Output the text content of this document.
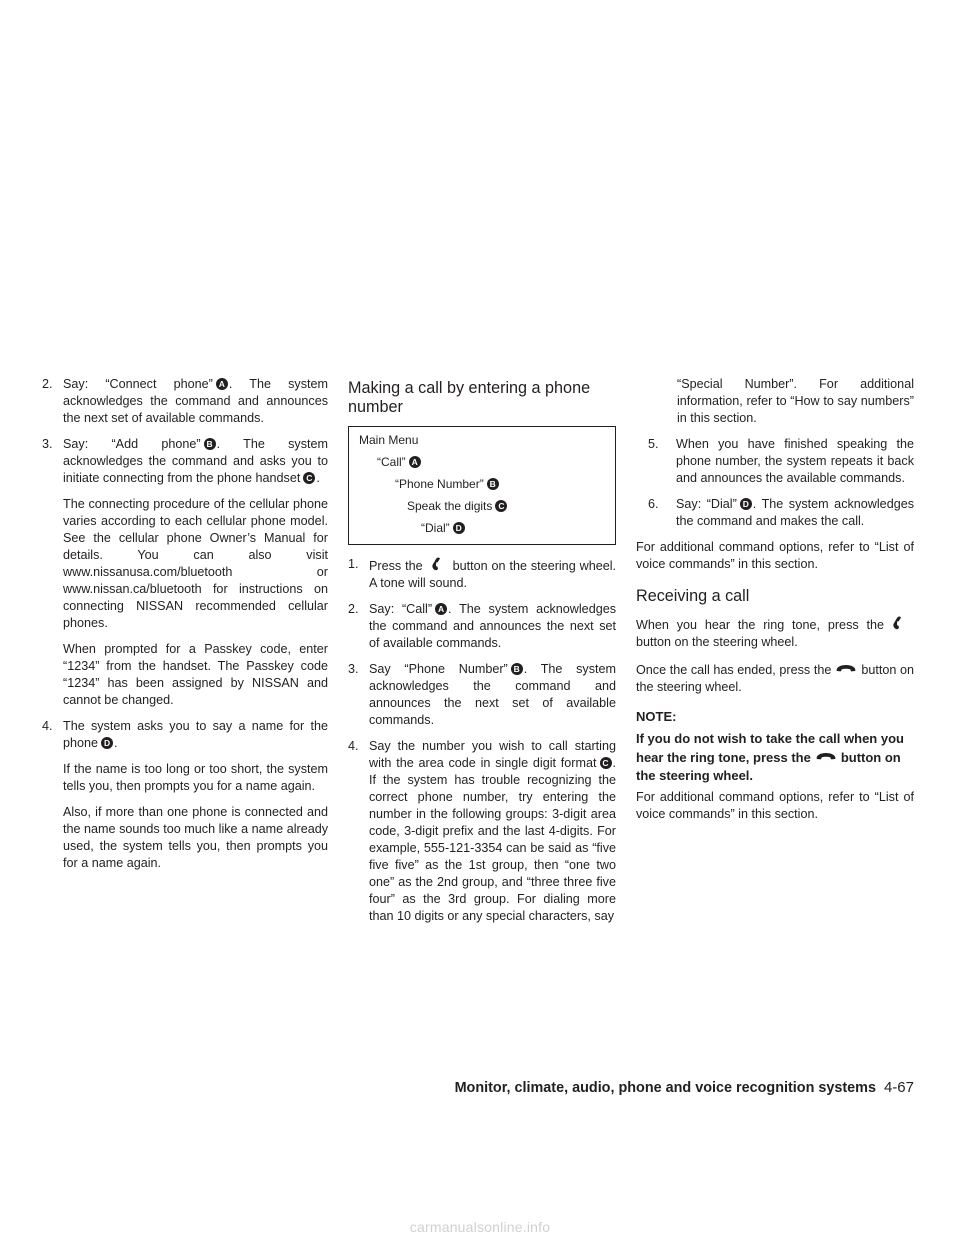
2. Say: “Connect phone” A . The system acknowledges the command and announces the next set of available commands.
3. Say: “Add phone” B . The system acknowledges the command and asks you to initiate connecting from the phone handset C .

The connecting procedure of the cellular phone varies according to each cellular phone model. See the cellular phone Owner’s Manual for details. You can also visit www.nissanusa.com/bluetooth or www.nissan.ca/bluetooth for instructions on connecting NISSAN recommended cellular phones.

When prompted for a Passkey code, enter “1234” from the handset. The Passkey code “1234” has been assigned by NISSAN and cannot be changed.

4. The system asks you to say a name for the phone D .

If the name is too long or too short, the system tells you, then prompts you for a name again.

Also, if more than one phone is connected and the name sounds too much like a name already used, the system tells you, then prompts you for a name again.

Making a call by entering a phone number
Main Menu
“Call” A
“Phone Number” B
Speak the digits C
“Dial” D
1. Press the button on the steering wheel. A tone will sound.
2. Say: “Call” A . The system acknowledges the command and announces the next set of available commands.
3. Say “Phone Number” B . The system acknowledges the command and announces the next set of available commands.
4. Say the number you wish to call starting with the area code in single digit format C . If the system has trouble recognizing the correct phone number, try entering the number in the following groups: 3-digit area code, 3-digit prefix and the last 4-digits. For example, 555-121-3354 can be said as “five five five” as the 1st group, then “one two one” as the 2nd group, and “three three five four” as the 3rd group. For dialing more than 10 digits or any special characters, say

“Special Number”. For additional information, refer to “How to say numbers” in this section.

5.	When you have finished speaking the phone number, the system repeats it back and announces the available commands.
6.	Say: “Dial” D . The system acknowledges the command and makes the call.

For additional command options, refer to “List of voice commands” in this section.

Receiving a call

When you hear the ring tone, press thebutton on the steering wheel.

Once the call has ended, press the button on the steering wheel.

NOTE:

If you do not wish to take the call when you hear the ring tone, press the button on the steering wheel.

For additional command options, refer to “List of voice commands” in this section.

Monitor, climate, audio, phone and voice recognition systems 4-67
carmanualsonline.info
